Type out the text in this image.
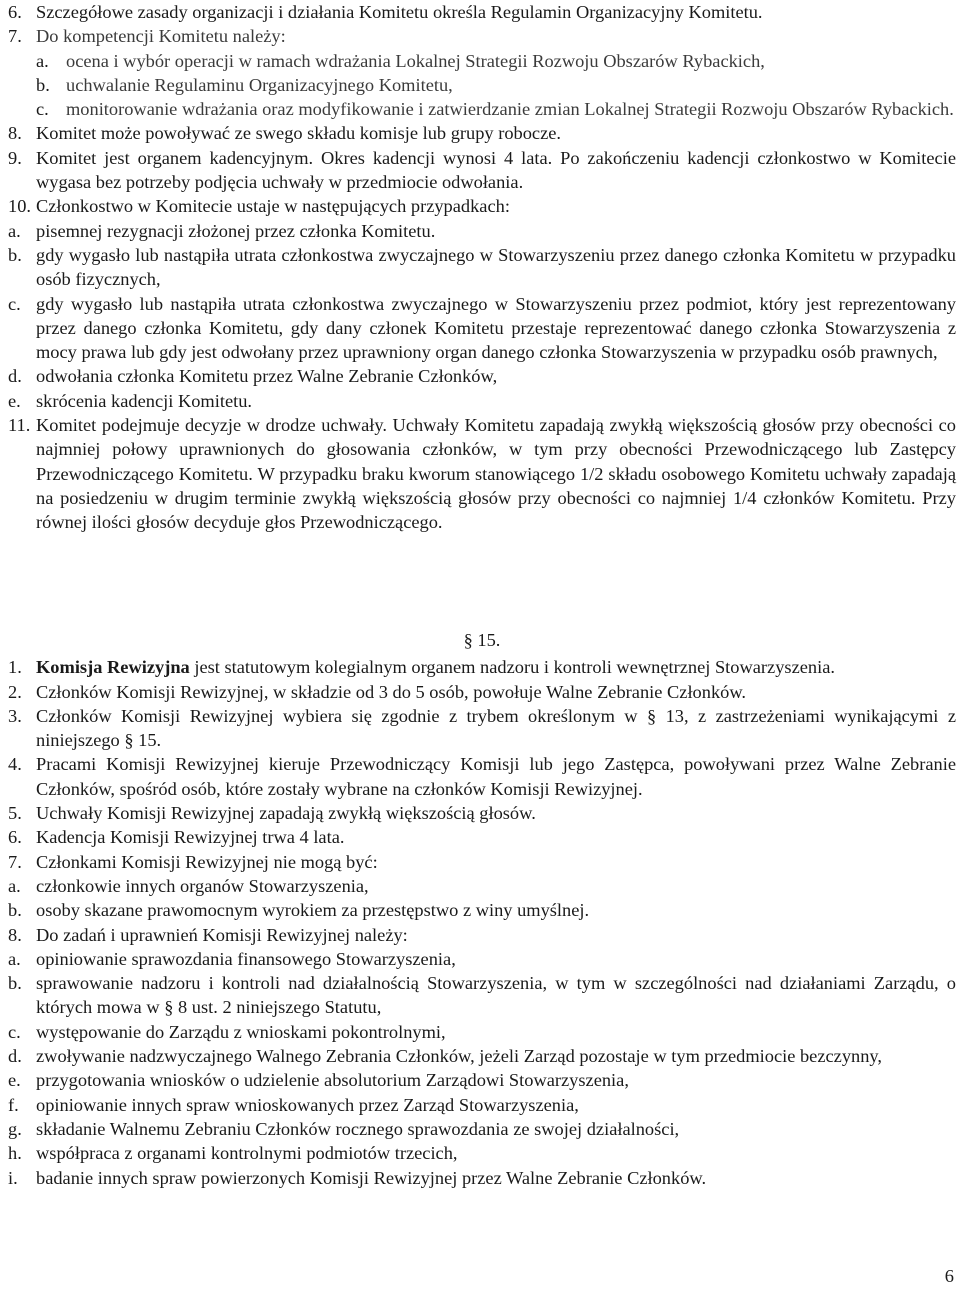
6. Szczegółowe zasady organizacji i działania Komitetu określa Regulamin Organizacyjny Komitetu.
7. Do kompetencji Komitetu należy:
a. ocena i wybór operacji w ramach wdrażania Lokalnej Strategii Rozwoju Obszarów Rybackich,
b. uchwalanie Regulaminu Organizacyjnego Komitetu,
c. monitorowanie wdrażania oraz modyfikowanie i zatwierdzanie zmian Lokalnej Strategii Rozwoju Obszarów Rybackich.
8. Komitet może powoływać ze swego składu komisje lub grupy robocze.
9. Komitet jest organem kadencyjnym. Okres kadencji wynosi 4 lata. Po zakończeniu kadencji członkostwo w Komitecie wygasa bez potrzeby podjęcia uchwały w przedmiocie odwołania.
10. Członkostwo w Komitecie ustaje w następujących przypadkach:
a. pisemnej rezygnacji złożonej przez członka Komitetu.
b. gdy wygasło lub nastąpiła utrata członkostwa zwyczajnego w Stowarzyszeniu przez danego członka Komitetu w przypadku osób fizycznych,
c. gdy wygasło lub nastąpiła utrata członkostwa zwyczajnego w Stowarzyszeniu przez podmiot, który jest reprezentowany przez danego członka Komitetu, gdy dany członek Komitetu przestaje reprezentować danego członka Stowarzyszenia z mocy prawa lub gdy jest odwołany przez uprawniony organ danego członka Stowarzyszenia w przypadku osób prawnych,
d. odwołania członka Komitetu przez Walne Zebranie Członków,
e. skrócenia kadencji Komitetu.
11. Komitet podejmuje decyzje w drodze uchwały. Uchwały Komitetu zapadają zwykłą większością głosów przy obecności co najmniej połowy uprawnionych do głosowania członków, w tym przy obecności Przewodniczącego lub Zastępcy Przewodniczącego Komitetu. W przypadku braku kworum stanowiącego 1/2 składu osobowego Komitetu uchwały zapadają na posiedzeniu w drugim terminie zwykłą większością głosów przy obecności co najmniej 1/4 członków Komitetu. Przy równej ilości głosów decyduje głos Przewodniczącego.
§ 15.
1. Komisja Rewizyjna jest statutowym kolegialnym organem nadzoru i kontroli wewnętrznej Stowarzyszenia.
2. Członków Komisji Rewizyjnej, w składzie od 3 do 5 osób, powołuje Walne Zebranie Członków.
3. Członków Komisji Rewizyjnej wybiera się zgodnie z trybem określonym w § 13, z zastrzeżeniami wynikającymi z niniejszego § 15.
4. Pracami Komisji Rewizyjnej kieruje Przewodniczący Komisji lub jego Zastępca, powoływani przez Walne Zebranie Członków, spośród osób, które zostały wybrane na członków Komisji Rewizyjnej.
5. Uchwały Komisji Rewizyjnej zapadają zwykłą większością głosów.
6. Kadencja Komisji Rewizyjnej trwa 4 lata.
7. Członkami Komisji Rewizyjnej nie mogą być:
a. członkowie innych organów Stowarzyszenia,
b. osoby skazane prawomocnym wyrokiem za przestępstwo z winy umyślnej.
8. Do zadań i uprawnień Komisji Rewizyjnej należy:
a. opiniowanie sprawozdania finansowego Stowarzyszenia,
b. sprawowanie nadzoru i kontroli nad działalnością Stowarzyszenia, w tym w szczególności nad działaniami Zarządu, o których mowa w § 8 ust. 2 niniejszego Statutu,
c. występowanie do Zarządu z wnioskami pokontrolnymi,
d. zwoływanie nadzwyczajnego Walnego Zebrania Członków, jeżeli Zarząd pozostaje w tym przedmiocie bezczynny,
e. przygotowania wniosków o udzielenie absolutorium Zarządowi Stowarzyszenia,
f. opiniowanie innych spraw wnioskowanych przez Zarząd Stowarzyszenia,
g. składanie Walnemu Zebraniu Członków rocznego sprawozdania ze swojej działalności,
h. współpraca z organami kontrolnymi podmiotów trzecich,
i. badanie innych spraw powierzonych Komisji Rewizyjnej przez Walne Zebranie Członków.
6
